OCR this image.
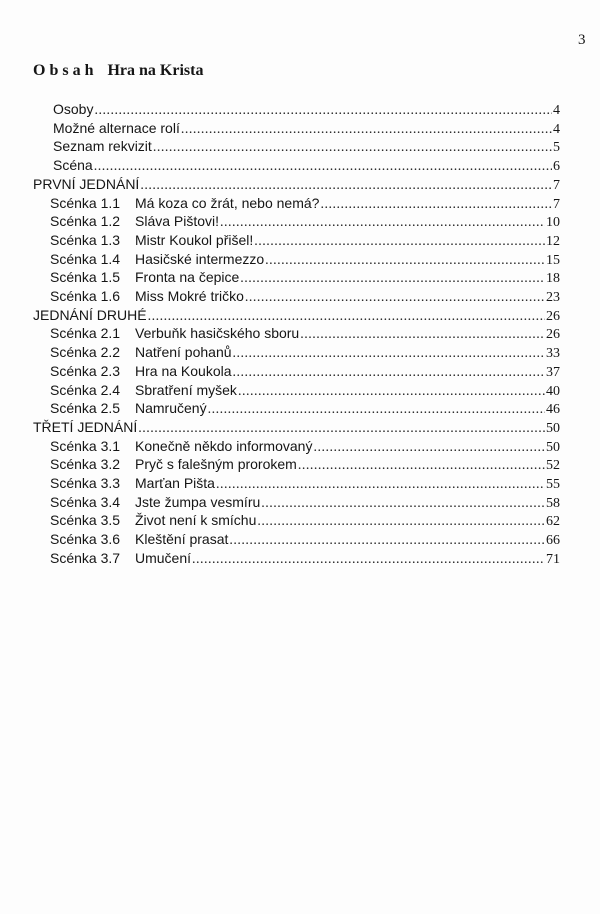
3
Obsah Hra na Krista
Osoby .....	4
Možné alternace rolí .....	4
Seznam rekvizit .....	5
Scéna .....	6
PRVNÍ JEDNÁNÍ .....	7
Scénka 1.1	Má koza co žrát, nebo nemá? .....	7
Scénka 1.2	Sláva Pištovi! .....	10
Scénka 1.3	Mistr Koukol přišel! .....	12
Scénka 1.4	Hasičské intermezzo .....	15
Scénka 1.5	Fronta na čepice .....	18
Scénka 1.6	Miss Mokré tričko .....	23
JEDNÁNÍ DRUHÉ .....	26
Scénka 2.1	Verbuňk hasičského sboru .....	26
Scénka 2.2	Natření pohanů .....	33
Scénka 2.3	Hra na Koukola .....	37
Scénka 2.4	Sbratření myšek .....	40
Scénka 2.5	Namručený .....	46
TŘETÍ JEDNÁNÍ .....	50
Scénka 3.1	Konečně někdo informovaný .....	50
Scénka 3.2	Pryč s falešným prorokem .....	52
Scénka 3.3	Marťan Pišta .....	55
Scénka 3.4	Jste žumpa vesmíru .....	58
Scénka 3.5	Život není k smíchu .....	62
Scénka 3.6	Kleštění prasat .....	66
Scénka 3.7	Umučení .....	71
